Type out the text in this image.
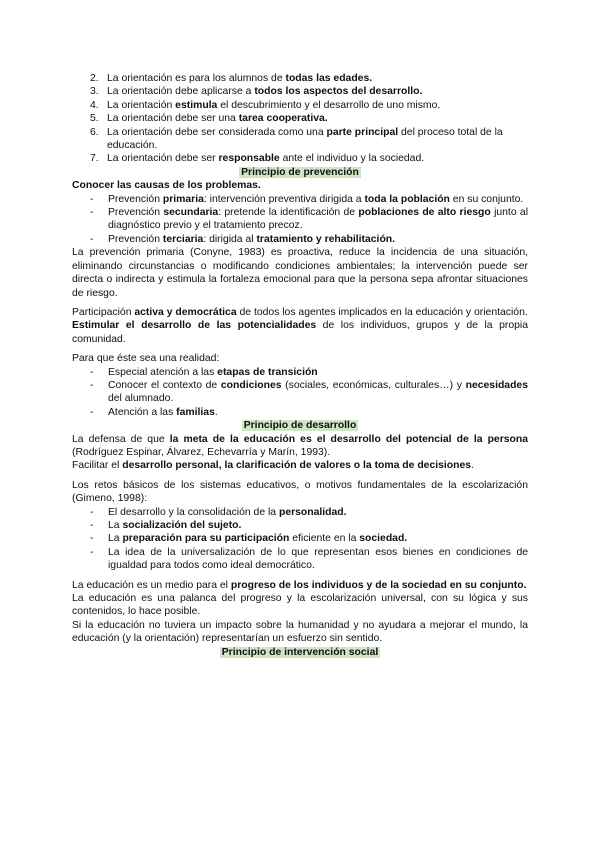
2. La orientación es para los alumnos de todas las edades.
3. La orientación debe aplicarse a todos los aspectos del desarrollo.
4. La orientación estimula el descubrimiento y el desarrollo de uno mismo.
5. La orientación debe ser una tarea cooperativa.
6. La orientación debe ser considerada como una parte principal del proceso total de la educación.
7. La orientación debe ser responsable ante el individuo y la sociedad.
Principio de prevención
Conocer las causas de los problemas.
- Prevención primaria: intervención preventiva dirigida a toda la población en su conjunto.
- Prevención secundaria: pretende la identificación de poblaciones de alto riesgo junto al diagnóstico previo y el tratamiento precoz.
- Prevención terciaria: dirigida al tratamiento y rehabilitación.

La prevención primaria (Conyne, 1983) es proactiva, reduce la incidencia de una situación, eliminando circunstancias o modificando condiciones ambientales; la intervención puede ser directa o indirecta y estimula la fortaleza emocional para que la persona sepa afrontar situaciones de riesgo.

Participación activa y democrática de todos los agentes implicados en la educación y orientación.

Estimular el desarrollo de las potencialidades de los individuos, grupos y de la propia comunidad.

Para que éste sea una realidad:

- Especial atención a las etapas de transición
- Conocer el contexto de condiciones (sociales, económicas, culturales…) y necesidades del alumnado.
- Atención a las familias.
Principio de desarrollo

La defensa de que la meta de la educación es el desarrollo del potencial de la persona (Rodríguez Espinar, Álvarez, Echevarría y Marín, 1993).

Facilitar el desarrollo personal, la clarificación de valores o la toma de decisiones.

Los retos básicos de los sistemas educativos, o motivos fundamentales de la escolarización (Gimeno, 1998):

- El desarrollo y la consolidación de la personalidad.
- La socialización del sujeto.
- La preparación para su participación eficiente en la sociedad.
- La idea de la universalización de lo que representan esos bienes en condiciones de igualdad para todos como ideal democrático.

La educación es un medio para el progreso de los individuos y de la sociedad en su conjunto.

La educación es una palanca del progreso y la escolarización universal, con su lógica y sus contenidos, lo hace posible.

Si la educación no tuviera un impacto sobre la humanidad y no ayudara a mejorar el mundo, la educación (y la orientación) representarían un esfuerzo sin sentido.

Principio de intervención social
